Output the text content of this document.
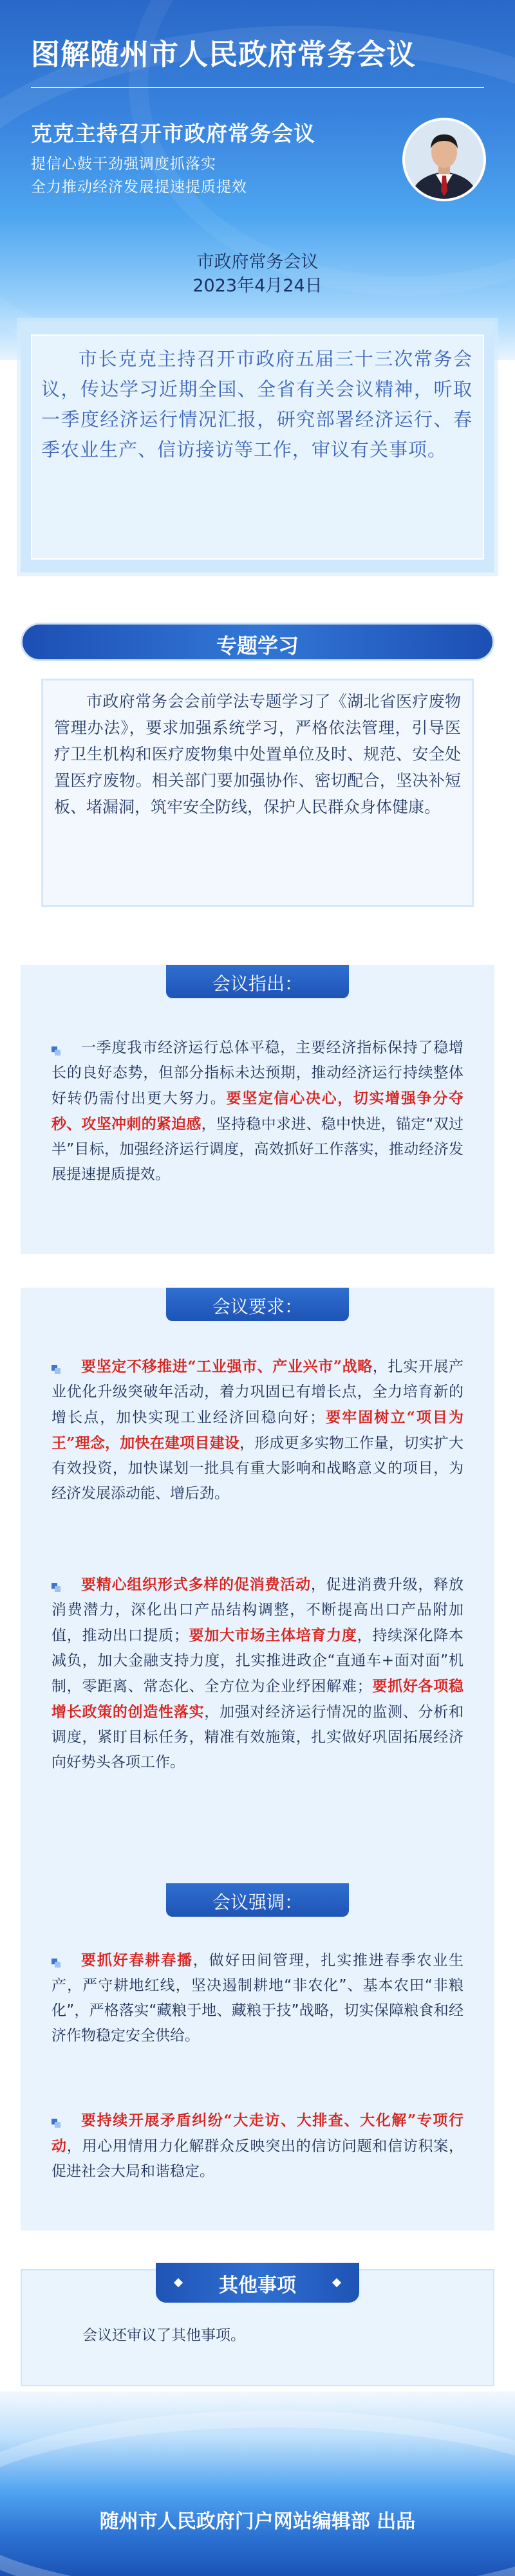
图解随州市人民政府常务会议
克克主持召开市政府常务会议
提信心鼓干劲强调度抓落实
全力推动经济发展提速提质提效
市政府常务会议
2023年4月24日
市长克克主持召开市政府五届三十三次常务会议，传达学习近期全国、全省有关会议精神，听取一季度经济运行情况汇报，研究部署经济运行、春季农业生产、信访接访等工作，审议有关事项。
专题学习
市政府常务会会前学法专题学习了《湖北省医疗废物管理办法》，要求加强系统学习，严格依法管理，引导医疗卫生机构和医疗废物集中处置单位及时、规范、安全处置医疗废物。相关部门要加强协作、密切配合，坚决补短板、堵漏洞，筑牢安全防线，保护人民群众身体健康。
会议指出：
一季度我市经济运行总体平稳，主要经济指标保持了稳增长的良好态势，但部分指标未达预期，推动经济运行持续整体好转仍需付出更大努力。要坚定信心决心，切实增强争分夺秒、攻坚冲刺的紧迫感，坚持稳中求进、稳中快进，锚定“双过半”目标，加强经济运行调度，高效抓好工作落实，推动经济发展提速提质提效。
会议要求：
要坚定不移推进“工业强市、产业兴市”战略，扎实开展产业优化升级突破年活动，着力巩固已有增长点，全力培育新的增长点，加快实现工业经济回稳向好；要牢固树立“项目为王”理念，加快在建项目建设，形成更多实物工作量，切实扩大有效投资，加快谋划一批具有重大影响和战略意义的项目，为经济发展添动能、增后劲。
要精心组织形式多样的促消费活动，促进消费升级，释放消费潜力，深化出口产品结构调整，不断提高出口产品附加值，推动出口提质；要加大市场主体培育力度，持续深化降本减负，加大金融支持力度，扎实推进政企“直通车+面对面”机制，零距离、常态化、全方位为企业纾困解难；要抓好各项稳增长政策的创造性落实，加强对经济运行情况的监测、分析和调度，紧盯目标任务，精准有效施策，扎实做好巩固拓展经济向好势头各项工作。
会议强调：
要抓好春耕春播，做好田间管理，扎实推进春季农业生产，严守耕地红线，坚决遏制耕地“非农化”、基本农田“非粮化”，严格落实“藏粮于地、藏粮于技”战略，切实保障粮食和经济作物稳定安全供给。
要持续开展矛盾纠纷“大走访、大排查、大化解”专项行动，用心用情用力化解群众反映突出的信访问题和信访积案，促进社会大局和谐稳定。
其他事项
会议还审议了其他事项。
随州市人民政府门户网站编辑部 出品
